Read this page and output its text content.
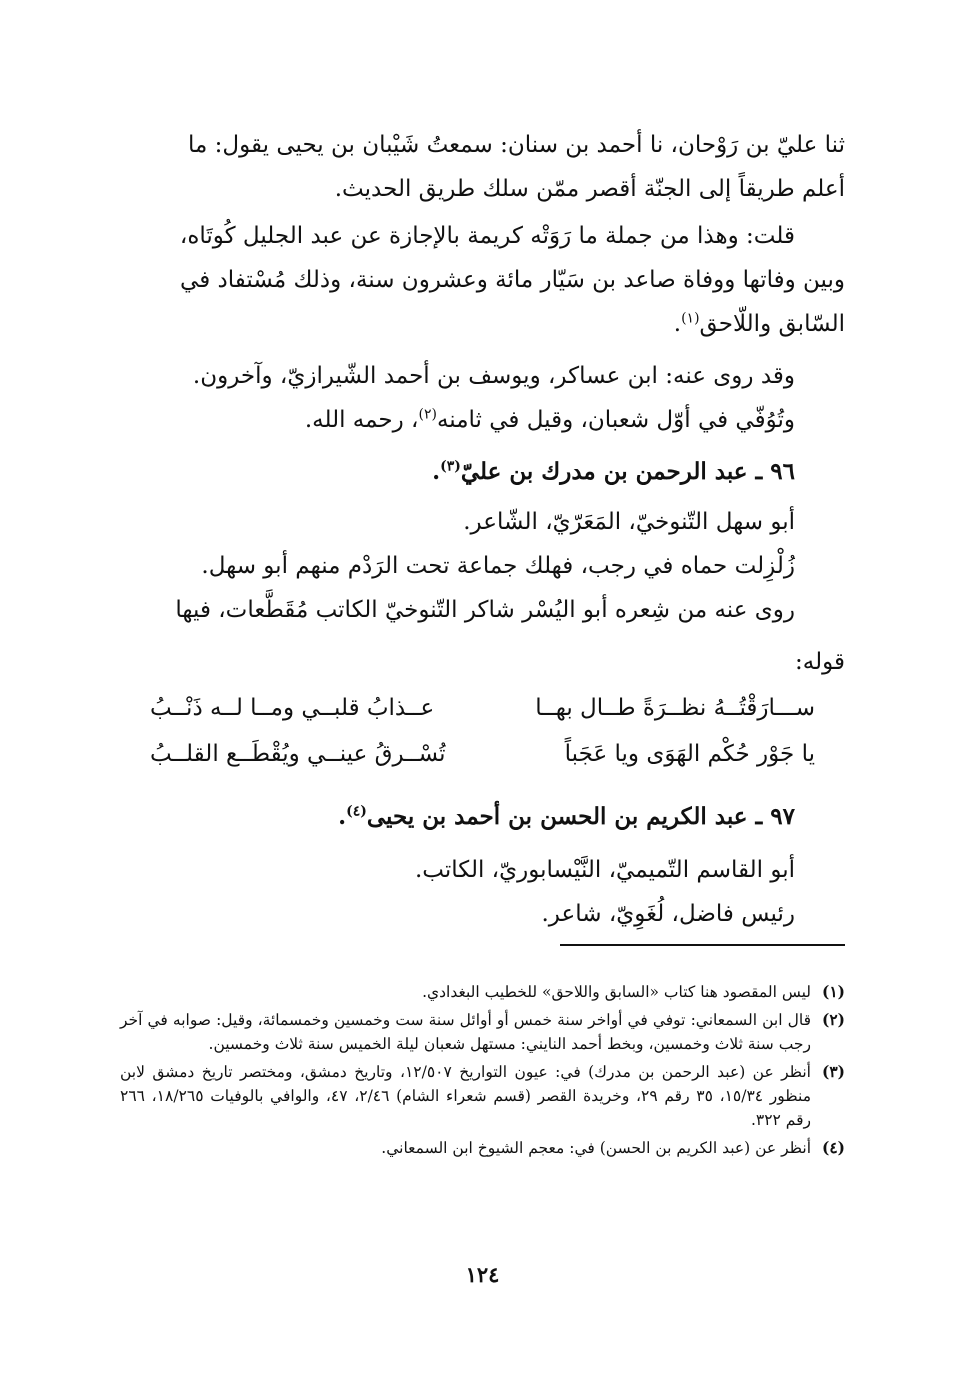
ثنا عليّ بن رَوْحان، نا أحمد بن سنان: سمعتُ شَيْبان بن يحيى يقول: ما

أعلم طريقاً إلى الجنّة أقصر ممّن سلك طريق الحديث.

قلت: وهذا من جملة ما رَوَتْه كريمة بالإجازة عن عبد الجليل كُوتَاه،

وبين وفاتها ووفاة صاعد بن سَيّار مائة وعشرون سنة، وذلك مُسْتفاد في

السّابق واللّاحق$^{(١)}$.

وقد روى عنه: ابن عساكر، ويوسف بن أحمد الشّيرازيّ، وآخرون.

وتُوُفّي في أوّل شعبان، وقيل في ثامنه$^{(٢)}$، رحمه الله.

٩٦ ـ عبد الرحمن بن مدرك بن عليّ$^{(٣)}$.

أبو سهل التّنوخيّ، المَعَرّيّ، الشّاعر.

زُلْزِلت حماه في رجب، فهلك جماعة تحت الرَدْم منهم أبو سهل.

روى عنه من شِعره أبو اليُسْر شاكر التّنوخيّ الكاتب مُقَطَّعات، فيها

قوله:
ســـارَقْتُــهُ نظــرَةً طــال بهــا
عــذابُ قلبــي ومــا لــه ذَنْــبُ
يا جَوْر حُكْم الهَوَى ويا عَجَباً
تُسْــرقُ عينــي ويُقْطَــع القلــبُ

٩٧ ـ عبد الكريم بن الحسن بن أحمد بن يحيى$^{(٤)}$.

أبو القاسم التّميميّ، النَّيْسابوريّ، الكاتب.

رئيس فاضل، لُغَوِيّ، شاعر.

(١)
ليس المقصود هنا كتاب «السابق واللاحق» للخطيب البغدادي.
(٢)
قال ابن السمعاني: توفي في أواخر سنة خمس أو أوائل سنة ست وخمسين وخمسمائة، وقيل: صوابه في آخر رجب سنة ثلاث وخمسين، وبخط أحمد النايني: مستهل شعبان ليلة الخميس سنة ثلاث وخمسين.
(٣)
أنظر عن (عبد الرحمن بن مدرك) في: عيون التواريخ ١٢/٥٠٧، وتاريخ دمشق، ومختصر تاريخ دمشق لابن منظور ١٥/٣٤، ٣٥ رقم ٢٩، وخريدة القصر (قسم شعراء الشام) ٢/٤٦، ٤٧، والوافي بالوفيات ١٨/٢٦٥، ٢٦٦ رقم ٣٢٢.
(٤)
أنظر عن (عبد الكريم بن الحسن) في: معجم الشيوخ ابن السمعاني.
١٢٤
